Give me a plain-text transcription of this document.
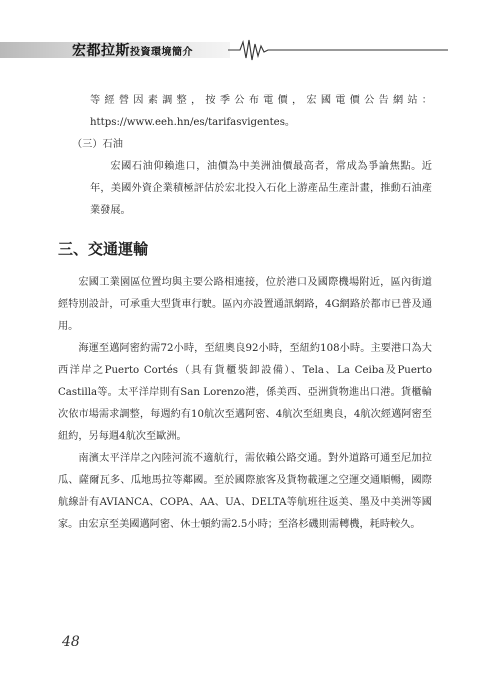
宏都拉斯投資環境簡介

等經營因素調整，按季公布電價，宏國電價公告網站：https://www.eeh.hn/es/tarifasvigentes。

（三）石油

宏國石油仰賴進口，油價為中美洲油價最高者，常成為爭論焦點。近年，美國外資企業積極評估於宏北投入石化上游產品生產計畫，推動石油產業發展。

三、交通運輸

宏國工業園區位置均與主要公路相連接，位於港口及國際機場附近，區內街道經特別設計，可承重大型貨車行駛。區內亦設置通訊網路，4G網路於都市已普及通用。

海運至邁阿密約需72小時，至紐奧良92小時，至紐約108小時。主要港口為大西洋岸之Puerto Cortés（具有貨櫃裝卸設備）、Tela、La Ceiba及Puerto Castilla等。太平洋岸則有San Lorenzo港，係美西、亞洲貨物進出口港。貨櫃輪次依市場需求調整，每週約有10航次至邁阿密、4航次至紐奧良，4航次經邁阿密至紐約，另每週4航次至歐洲。

南濱太平洋岸之內陸河流不適航行，需依賴公路交通。對外道路可通至尼加拉瓜、薩爾瓦多、瓜地馬拉等鄰國。至於國際旅客及貨物載運之空運交通順暢，國際航線計有AVIANCA、COPA、AA、UA、DELTA等航班往返美、墨及中美洲等國家。由宏京至美國邁阿密、休士頓約需2.5小時；至洛杉磯則需轉機，耗時較久。

48
